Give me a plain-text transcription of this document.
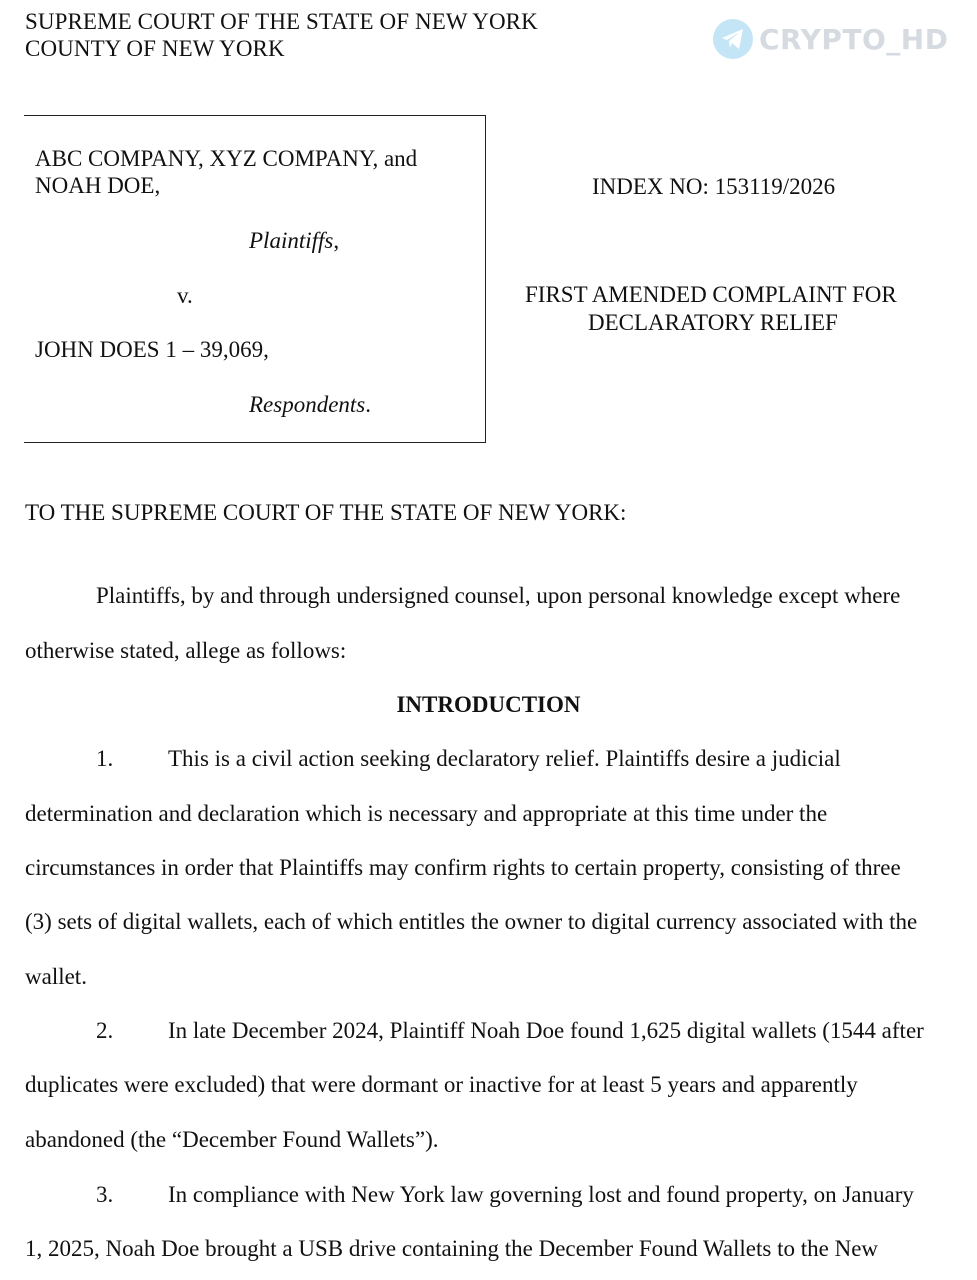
SUPREME COURT OF THE STATE OF NEW YORK
COUNTY OF NEW YORK	CRYPTO_HD
ABC COMPANY, XYZ COMPANY, and
NOAH DOE,
Plaintiffs,
v.
JOHN DOES 1 – 39,069,
Respondents.
INDEX NO: 153119/2026
FIRST AMENDED COMPLAINT FOR
DECLARATORY RELIEF
TO THE SUPREME COURT OF THE STATE OF NEW YORK:
Plaintiffs, by and through undersigned counsel, upon personal knowledge except where
otherwise stated, allege as follows:
INTRODUCTION
1. This is a civil action seeking declaratory relief. Plaintiffs desire a judicial
determination and declaration which is necessary and appropriate at this time under the
circumstances in order that Plaintiffs may confirm rights to certain property, consisting of three
(3) sets of digital wallets, each of which entitles the owner to digital currency associated with the
wallet.
2. In late December 2024, Plaintiff Noah Doe found 1,625 digital wallets (1544 after
duplicates were excluded) that were dormant or inactive for at least 5 years and apparently
abandoned (the “December Found Wallets”).
3. In compliance with New York law governing lost and found property, on January
1, 2025, Noah Doe brought a USB drive containing the December Found Wallets to the New
